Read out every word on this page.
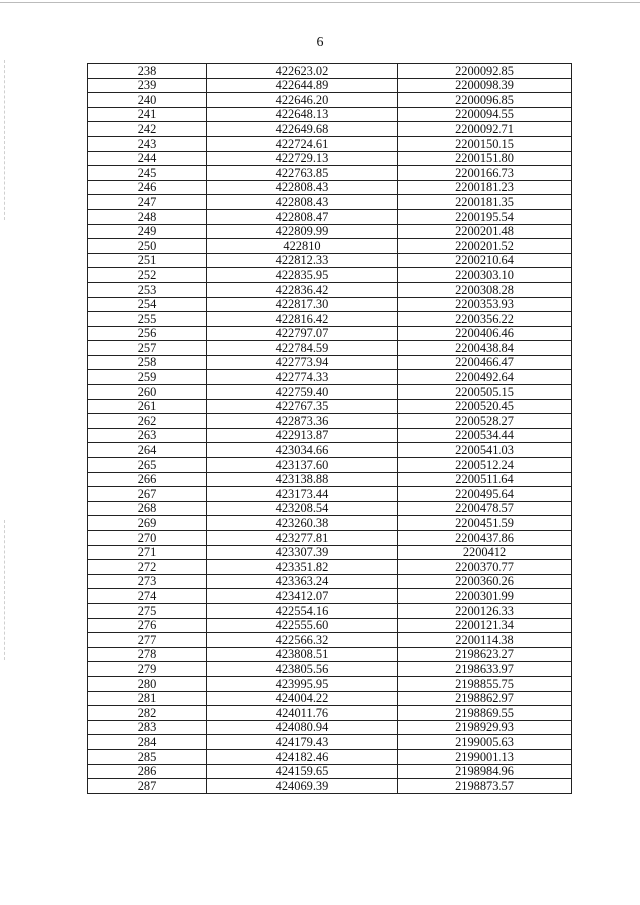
6
238	422623.02	2200092.85
239	422644.89	2200098.39
240	422646.20	2200096.85
241	422648.13	2200094.55
242	422649.68	2200092.71
243	422724.61	2200150.15
244	422729.13	2200151.80
245	422763.85	2200166.73
246	422808.43	2200181.23
247	422808.43	2200181.35
248	422808.47	2200195.54
249	422809.99	2200201.48
250	422810	2200201.52
251	422812.33	2200210.64
252	422835.95	2200303.10
253	422836.42	2200308.28
254	422817.30	2200353.93
255	422816.42	2200356.22
256	422797.07	2200406.46
257	422784.59	2200438.84
258	422773.94	2200466.47
259	422774.33	2200492.64
260	422759.40	2200505.15
261	422767.35	2200520.45
262	422873.36	2200528.27
263	422913.87	2200534.44
264	423034.66	2200541.03
265	423137.60	2200512.24
266	423138.88	2200511.64
267	423173.44	2200495.64
268	423208.54	2200478.57
269	423260.38	2200451.59
270	423277.81	2200437.86
271	423307.39	2200412
272	423351.82	2200370.77
273	423363.24	2200360.26
274	423412.07	2200301.99
275	422554.16	2200126.33
276	422555.60	2200121.34
277	422566.32	2200114.38
278	423808.51	2198623.27
279	423805.56	2198633.97
280	423995.95	2198855.75
281	424004.22	2198862.97
282	424011.76	2198869.55
283	424080.94	2198929.93
284	424179.43	2199005.63
285	424182.46	2199001.13
286	424159.65	2198984.96
287	424069.39	2198873.57
